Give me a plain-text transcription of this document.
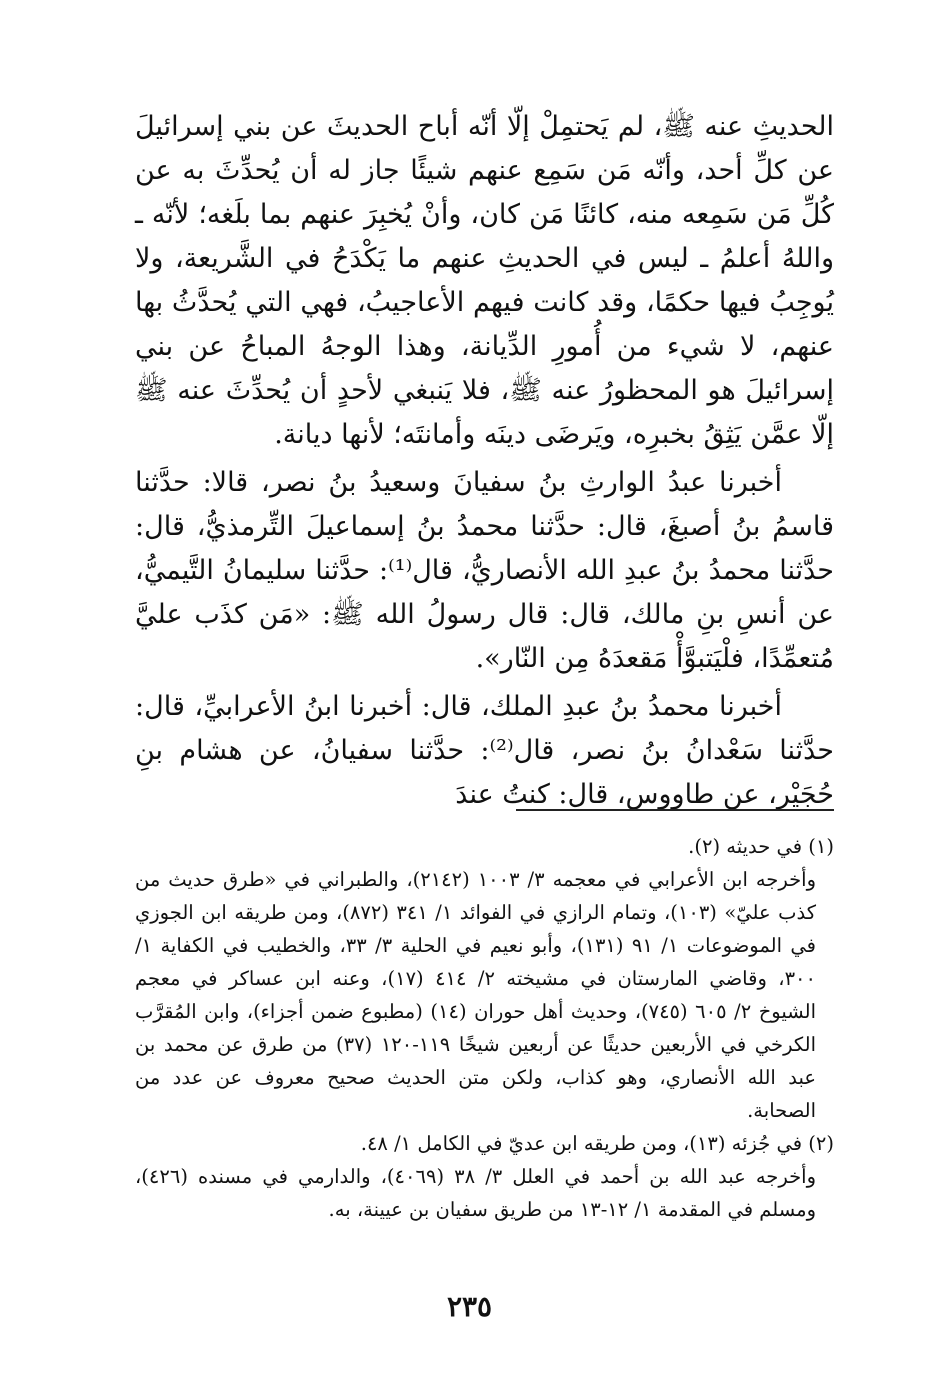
الحديثِ عنه ﷺ، لم يَحتمِلْ إلّا أنّه أباح الحديثَ عن بني إسرائيلَ عن كلِّ أحد، وأنّه مَن سَمِع عنهم شيئًا جاز له أن يُحدِّثَ به عن كُلِّ مَن سَمِعه منه، كائنًا مَن كان، وأنْ يُخبِرَ عنهم بما بلَغه؛ لأنّه ـ واللهُ أعلمُ ـ ليس في الحديثِ عنهم ما يَكْدَحُ في الشَّريعة، ولا يُوجِبُ فيها حكمًا، وقد كانت فيهم الأعاجيبُ، فهي التي يُحدَّثُ بها عنهم، لا شيء من أُمورِ الدِّيانة، وهذا الوجهُ المباحُ عن بني إسرائيلَ هو المحظورُ عنه ﷺ، فلا يَنبغي لأحدٍ أن يُحدِّثَ عنه ﷺ إلّا عمَّن يَثِقُ بخبرِه، ويَرضَى دينَه وأمانتَه؛ لأنها ديانة.

أخبرنا عبدُ الوارثِ بنُ سفيانَ وسعيدُ بنُ نصر، قالا: حدَّثنا قاسمُ بنُ أصبغَ، قال: حدَّثنا محمدُ بنُ إسماعيلَ التِّرمذيُّ، قال: حدَّثنا محمدُ بنُ عبدِ الله الأنصاريُّ، قال⁽¹⁾: حدَّثنا سليمانُ التَّيميُّ، عن أنسِ بنِ مالك، قال: قال رسولُ الله ﷺ: «مَن كذَب عليَّ مُتعمِّدًا، فلْيَتبوَّأْ مَقعدَهُ مِن النّار».

أخبرنا محمدُ بنُ عبدِ الملك، قال: أخبرنا ابنُ الأعرابيِّ، قال: حدَّثنا سَعْدانُ بنُ نصر، قال⁽²⁾: حدَّثنا سفيانُ، عن هشام بنِ حُجَيْر، عن طاووس، قال: كنتُ عندَ

(١) في حديثه (٢).

وأخرجه ابن الأعرابي في معجمه ٣/ ١٠٠٣ (٢١٤٢)، والطبراني في «طرق حديث من كذب عليّ» (١٠٣)، وتمام الرازي في الفوائد ١/ ٣٤١ (٨٧٢)، ومن طريقه ابن الجوزي في الموضوعات ١/ ٩١ (١٣١)، وأبو نعيم في الحلية ٣/ ٣٣، والخطيب في الكفاية ١/ ٣٠٠، وقاضي المارستان في مشيخته ٢/ ٤١٤ (١٧)، وعنه ابن عساكر في معجم الشيوخ ٢/ ٦٠٥ (٧٤٥)، وحديث أهل حوران (١٤) (مطبوع ضمن أجزاء)، وابن المُقرَّب الكرخي في الأربعين حديثًا عن أربعين شيخًا ١١٩-١٢٠ (٣٧) من طرق عن محمد بن عبد الله الأنصاري، وهو كذاب، ولكن متن الحديث صحيح معروف عن عدد من الصحابة.

(٢) في جُزئه (١٣)، ومن طريقه ابن عديّ في الكامل ١/ ٤٨.

وأخرجه عبد الله بن أحمد في العلل ٣/ ٣٨ (٤٠٦٩)، والدارمي في مسنده (٤٢٦)، ومسلم في المقدمة ١/ ١٢-١٣ من طريق سفيان بن عيينة، به.

٢٣٥
